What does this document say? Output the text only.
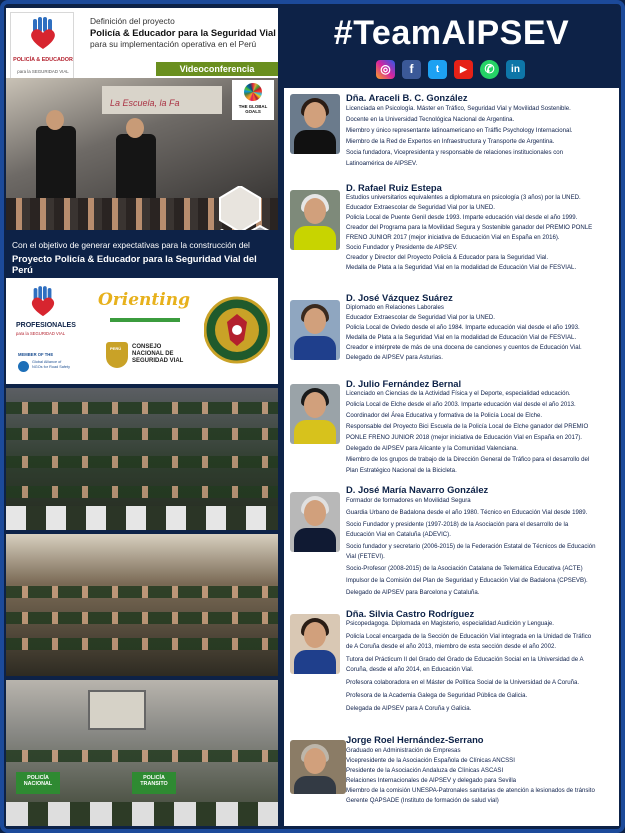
POLICÍA & EDUCADOR
para la SEGURIDAD VIAL
Definición del proyecto
Policía & Educador para la Seguridad Vial
para su implementación operativa en el Perú
Videoconferencia
La Escuela, la Fa	THE GLOBAL GOALS
Con el objetivo de generar expectativas para la construcción del
Proyecto Policía & Educador para la Seguridad Vial del Perú
PROFESIONALES
para la SEGURIDAD VIAL
MEMBER OF THE
Global Alliance of NGOs for Road Safety
Orienting
PERÚ CONSEJO NACIONAL DE SEGURIDAD VIAL
POLICÍA NACIONAL
POLICÍA TRANSITO
#TeamAIPSEV
◎	f	t	▶	✆	in
Dña. Araceli B. C. González
Licenciada en Psicología. Máster en Tráfico, Seguridad Vial y Movilidad Sostenible.
Docente en la Universidad Tecnológica Nacional de Argentina.
Miembro y único representante latinoamericano en Tráffic Psychology Internacional.
Miembro de la Red de Expertos en Infraestructura y Transporte de Argentina.
Socia fundadora, Vicepresidenta y responsable de relaciones institucionales con
Latinoamérica de AIPSEV.
D. Rafael Ruiz Estepa
Estudios universitarios equivalentes a diplomatura en psicología (3 años) por la UNED.
Educador Extraescolar de Seguridad Vial por la UNED.
Policía Local de Puente Genil desde 1993. Imparte educación vial desde el año 1999.
Creador del Programa para la Movilidad Segura y Sostenible ganador del PREMIO PONLE
FRENO JUNIOR 2017 (mejor iniciativa de Educación Vial en España en 2016).
Socio Fundador y Presidente de AIPSEV.
Creador y Director del Proyecto Policía & Educador para la Seguridad Vial.
Medalla de Plata a la Seguridad Vial en la modalidad de Educación Vial de FESVIAL.
D. José Vázquez Suárez
Diplomado en Relaciones Laborales
Educador Extraescolar de Seguridad Vial por la UNED.
Policía Local de Oviedo desde el año 1984. Imparte educación vial desde el año 1993.
Medalla de Plata a la Seguridad Vial en la modalidad de Educación Vial de FESVIAL.
Creador e intérprete de más de una docena de canciones y cuentos de Educación Vial.
Delegado de AIPSEV para Asturias.
D. Julio Fernández Bernal
Licenciado en Ciencias de la Actividad Física y el Deporte, especialidad educación.
Policía Local de Elche desde el año 2003. Imparte educación vial desde el año 2013.
Coordinador del Área Educativa y formativa de la Policía Local de Elche.
Responsable del Proyecto Bici Escuela de la Policía Local de Elche ganador del PREMIO
PONLE FRENO JUNIOR 2018 (mejor iniciativa de Educación Vial en España en 2017).
Delegado de AIPSEV para Alicante y la Comunidad Valenciana.
Miembro de los grupos de trabajo de la Dirección General de Tráfico para el desarrollo del
Plan Estratégico Nacional de la Bicicleta.
D. José María Navarro González
Formador de formadores en Movilidad Segura
Guardia Urbano de Badalona desde el año 1980. Técnico en Educación Vial desde 1989.
Socio Fundador y presidente (1997-2018) de la Asociación para el desarrollo de la
Educación Vial en Cataluña (ADEVIC).
Socio fundador y secretario (2006-2015) de la Federación Estatal de Técnicos de Educación
Vial (FETEVI).
Socio-Profesor (2008-2015) de la Asociación Catalana de Telemática Educativa (ACTE)
Impulsor de la Comisión del Plan de Seguridad y Educación Vial de Badalona (CPSEVB).
Delegado de AIPSEV para Barcelona y Cataluña.
Dña. Silvia Castro Rodríguez
Psicopedagoga. Diplomada en Magisterio, especialidad Audición y Lenguaje.
Policía Local encargada de la Sección de Educación Vial integrada en la Unidad de Tráfico
de A Coruña desde el año 2013, miembro de esta sección desde el año 2002.
Tutora del Prácticum II del Grado del Grado de Educación Social en la Universidad de A
Coruña, desde el año 2014, en Educación Vial.
Profesora colaboradora en el Máster de Política Social de la Universidad de A Coruña.
Profesora de la Academia Galega de Seguridad Pública de Galicia.
Delegada de AIPSEV para A Coruña y Galicia.
Jorge Roel Hernández-Serrano
Graduado en Administración de Empresas
Vicepresidente de la Asociación Española de Clínicas ANCSSI
Presidente de la Asociación Andaluza de Clínicas ASCASI
Relaciones Internacionales de AIPSEV y delegado para Sevilla
Miembro de la comisión UNESPA-Patronales sanitarias de atención a lesionados de tránsito
Gerente QAPSADE (Instituto de formación de salud vial)
